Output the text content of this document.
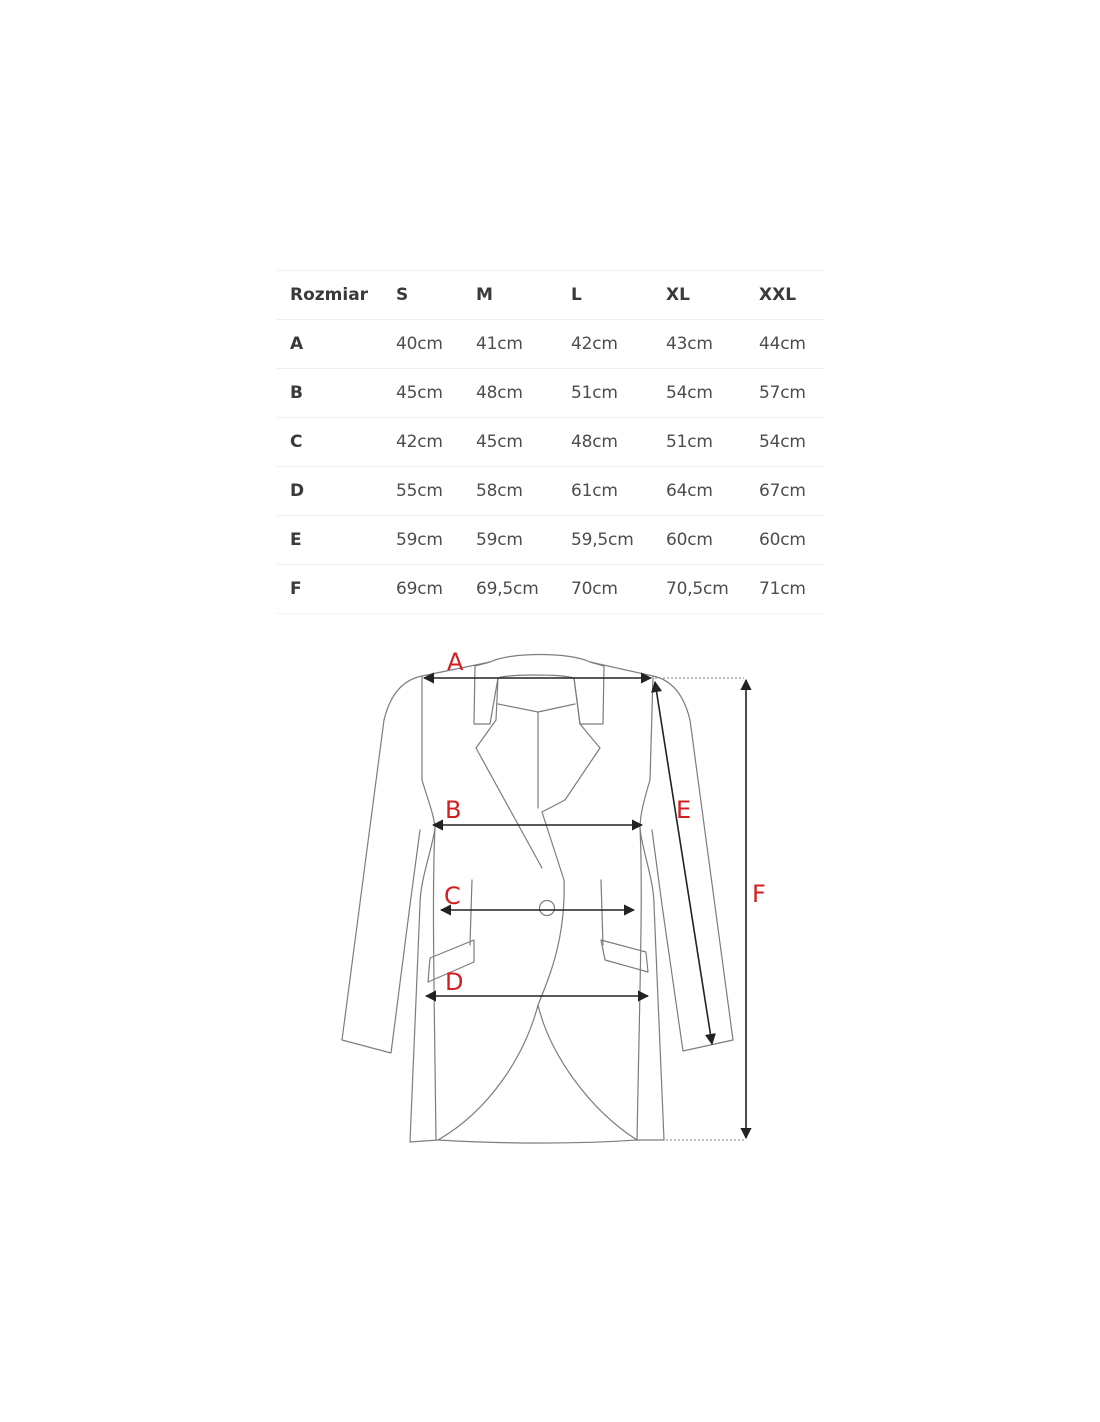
Rozmiar	S	M	L	XL	XXL
A	40cm	41cm	42cm	43cm	44cm
B	45cm	48cm	51cm	54cm	57cm
C	42cm	45cm	48cm	51cm	54cm
D	55cm	58cm	61cm	64cm	67cm
E	59cm	59cm	59,5cm	60cm	60cm
F	69cm	69,5cm	70cm	70,5cm	71cm
A
B
C
D
E
F
